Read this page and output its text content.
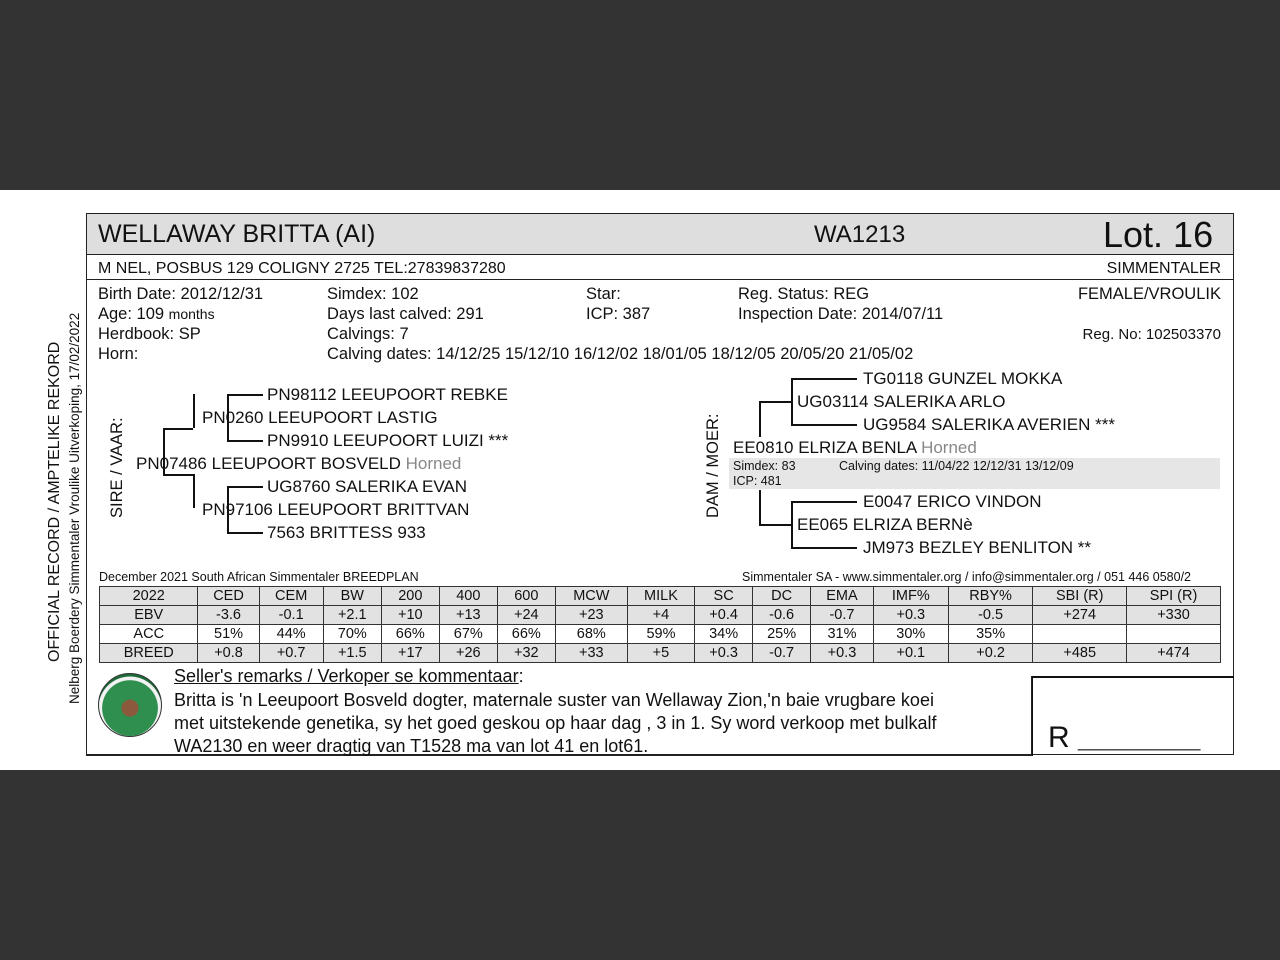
OFFICIAL RECORD / AMPTELIKE REKORD Nelberg Boerdery Simmentaler Vroulike Uitverkoping, 17/02/2022
WELLAWAY BRITTA (AI)	WA1213	Lot. 16
M NEL, POSBUS 129 COLIGNY 2725 TEL:27839837280	SIMMENTALER
Birth Date: 2012/12/31
Age: 109 months
Herdbook: SP
Horn:
Simdex: 102
Days last calved: 291
Calvings: 7
Calving dates: 14/12/25 15/12/10 16/12/02 18/01/05 18/12/05 20/05/20 21/05/02
Star:
ICP: 387
Reg. Status: REG
Inspection Date: 2014/07/11
FEMALE/VROULIK
Reg. No: 102503370
SIRE / VAAR:
PN98112 LEEUPOORT REBKE
PN0260 LEEUPOORT LASTIG
PN9910 LEEUPOORT LUIZI ***
PN07486 LEEUPOORT BOSVELD Horned
UG8760 SALERIKA EVAN
PN97106 LEEUPOORT BRITTVAN
7563 BRITTESS 933
DAM / MOER:
TG0118 GUNZEL MOKKA
UG03114 SALERIKA ARLO
UG9584 SALERIKA AVERIEN ***
EE0810 ELRIZA BENLA Horned
Simdex: 83	Calving dates: 11/04/22 12/12/31 13/12/09
ICP: 481
E0047 ERICO VINDON
EE065 ELRIZA BERNè
JM973 BEZLEY BENLITON **
December 2021 South African Simmentaler BREEDPLAN	Simmentaler SA - www.simmentaler.org / info@simmentaler.org / 051 446 0580/2
2022	CED	CEM	BW	200	400	600	MCW	MILK	SC	DC	EMA	IMF%	RBY%	SBI (R)	SPI (R)
EBV	-3.6	-0.1	+2.1	+10	+13	+24	+23	+4	+0.4	-0.6	-0.7	+0.3	-0.5	+274	+330
ACC	51%	44%	70%	66%	67%	66%	68%	59%	34%	25%	31%	30%	35%		
BREED	+0.8	+0.7	+1.5	+17	+26	+32	+33	+5	+0.3	-0.7	+0.3	+0.1	+0.2	+485	+474
Seller's remarks / Verkoper se kommentaar:
Britta is 'n Leeupoort Bosveld dogter, maternale suster van Wellaway Zion,'n baie vrugbare koei
met uitstekende genetika, sy het goed geskou op haar dag , 3 in 1. Sy word verkoop met bulkalf
WA2130 en weer dragtig van T1528 ma van lot 41 en lot61.	R __________
